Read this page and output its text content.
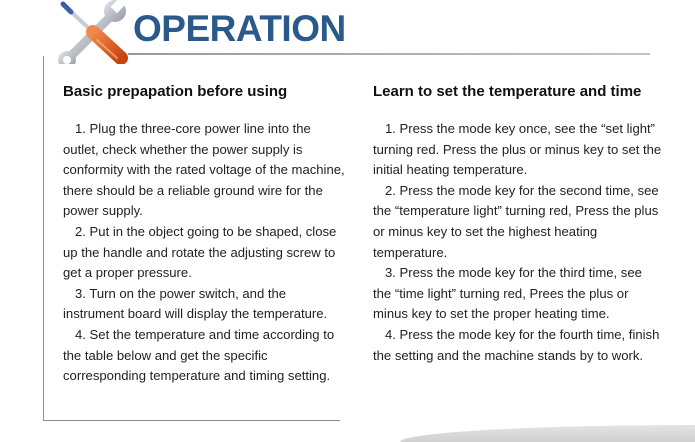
OPERATION
Basic prepapation before using
1. Plug the three-core power line into the outlet, check whether the power supply is conformity with the rated voltage of the machine, there should be a reliable ground wire for the power supply.
2. Put in the object going to be shaped, close up the handle and rotate the adjusting screw to get a proper pressure.
3. Turn on the power switch, and the instrument board will display the temperature.
4. Set the temperature and time according to the table below and get the specific corresponding temperature and timing setting.
Learn to set the temperature and time
1. Press the mode key once, see the “set light” turning red. Press the plus or minus key to set the initial heating temperature.
2. Press the mode key for the second time, see the “temperature light” turning red, Press the plus or minus key to set the highest heating temperature.
3. Press the mode key for the third time, see the “time light” turning red, Prees the plus or minus key to set the proper heating time.
4. Press the mode key for the fourth time, finish the setting and the machine stands by to work.
